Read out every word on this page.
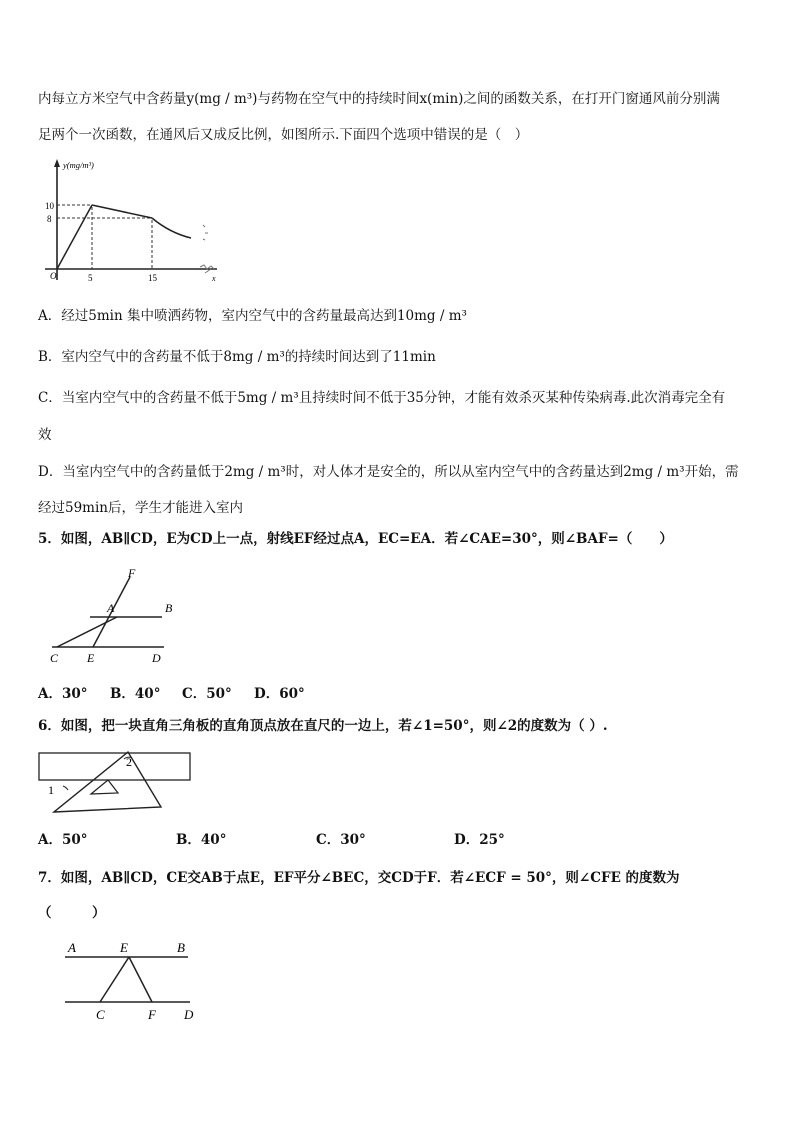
内每立方米空气中含药量y(mg / m³)与药物在空气中的持续时间x(min)之间的函数关系，在打开门窗通风前分别满
足两个一次函数，在通风后又成反比例，如图所示.下面四个选项中错误的是（　）
y(mg/m³)
10
8
5	15
O	x
A．经过5min 集中喷洒药物，室内空气中的含药量最高达到10mg / m³
B．室内空气中的含药量不低于8mg / m³的持续时间达到了11min
C．当室内空气中的含药量不低于5mg / m³且持续时间不低于35分钟，才能有效杀灭某种传染病毒.此次消毒完全有
效
D．当室内空气中的含药量低于2mg / m³时，对人体才是安全的，所以从室内空气中的含药量达到2mg / m³开始，需
经过59min后，学生才能进入室内
5．如图，AB∥CD，E为CD上一点，射线EF经过点A，EC=EA．若∠CAE=30°，则∠BAF=（　　）
F
A	B
C E	D
A．30° B．40° C．50° D．60°
6．如图，把一块直角三角板的直角顶点放在直尺的一边上，若∠1=50°，则∠2的度数为（ ）.
1
2
A．50°	B．40°	C．30°	D．25°
7．如图，AB∥CD，CE交AB于点E，EF平分∠BEC，交CD于F．若∠ECF = 50°，则∠CFE 的度数为
（　　　）
A	E	B
C	F D
